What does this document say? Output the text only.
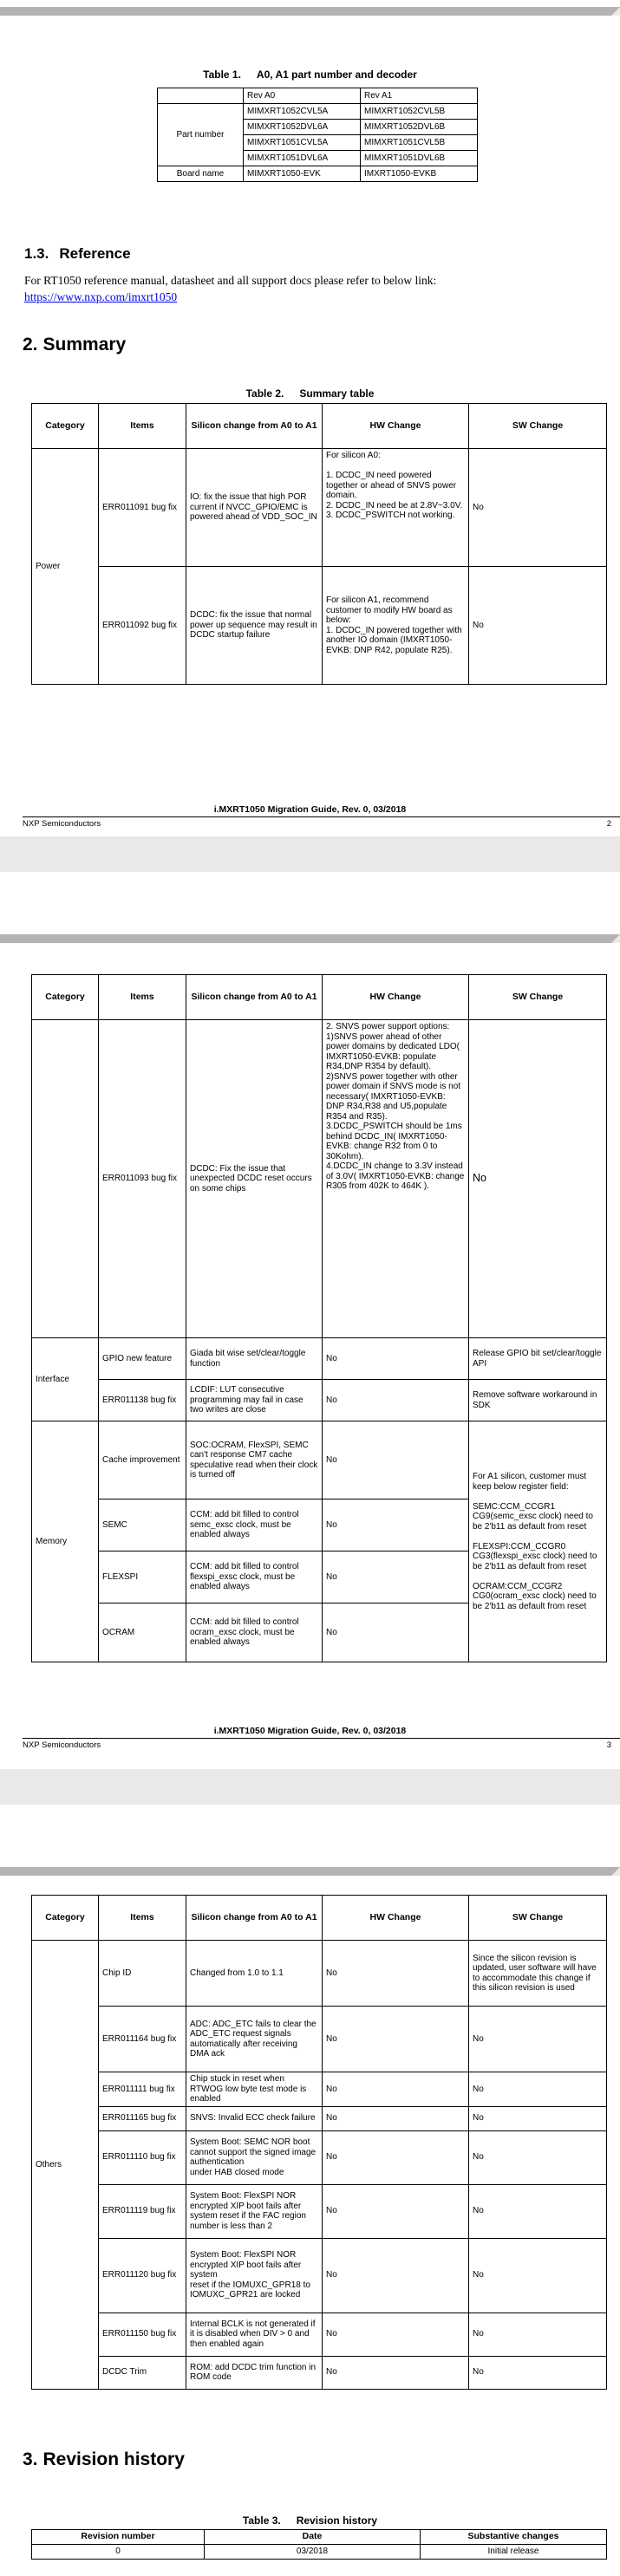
Table 1. A0, A1 part number and decoder
	Rev A0	Rev A1
Part number	MIMXRT1052CVL5A	MIMXRT1052CVL5B
	MIMXRT1052DVL6A	MIMXRT1052DVL6B
	MIMXRT1051CVL5A	MIMXRT1051CVL5B
	MIMXRT1051DVL6A	MIMXRT1051DVL6B
Board name	MIMXRT1050-EVK	IMXRT1050-EVKB
1.3. Reference
For RT1050 reference manual, datasheet and all support docs please refer to below link:
https://www.nxp.com/imxrt1050
2. Summary
Table 2. Summary table
Category	Items	Silicon change from A0 to A1	HW Change	SW Change
Power	ERR011091 bug fix	IO: fix the issue that high POR current if NVCC_GPIO/EMC is powered ahead of VDD_SOC_IN	For silicon A0:

1. DCDC_IN need powered together or ahead of SNVS power domain.
2. DCDC_IN need be at 2.8V~3.0V.
3. DCDC_PSWITCH not working.	No
	ERR011092 bug fix	DCDC: fix the issue that normal power up sequence may result in DCDC startup failure	For silicon A1, recommend customer to modify HW board as below:
1. DCDC_IN powered together with another IO domain (IMXRT1050-EVKB: DNP R42, populate R25).	No
i.MXRT1050 Migration Guide, Rev. 0, 03/2018
NXP Semiconductors	2
Category	Items	Silicon change from A0 to A1	HW Change	SW Change
	ERR011093 bug fix	DCDC: Fix the issue that unexpected DCDC reset occurs
on some chips	2. SNVS power support options:
1)SNVS power ahead of other power domains by dedicated LDO( IMXRT1050-EVKB: populate R34,DNP R354 by default).
2)SNVS power together with other power domain if SNVS mode is not necessary( IMXRT1050-EVKB: DNP R34,R38 and U5,populate R354 and R35).
3.DCDC_PSWITCH should be 1ms behind DCDC_IN( IMXRT1050-EVKB: change R32 from 0 to 30Kohm).
4.DCDC_IN change to 3.3V instead of 3.0V( IMXRT1050-EVKB: change R305 from 402K to 464K ).	No
Interface	GPIO new feature	Giada bit wise set/clear/toggle function	No	Release GPIO bit set/clear/toggle API
	ERR011138 bug fix	LCDIF: LUT consecutive programming may fail in case two writes are close	No	Remove software workaround in SDK
Memory	Cache improvement	SOC:OCRAM, FlexSPI, SEMC can't response CM7 cache speculative read when their clock is turned off	No	For A1 silicon, customer must keep below register field:

SEMC:CCM_CCGR1 CG9(semc_exsc clock) need to be 2'b11 as default from reset

FLEXSPI:CCM_CCGR0 CG3(flexspi_exsc clock) need to be 2'b11 as default from reset

OCRAM:CCM_CCGR2 CG0(ocram_exsc clock) need to be 2'b11 as default from reset
	SEMC	CCM: add bit filled to control semc_exsc clock, must be enabled always	No	
	FLEXSPI	CCM: add bit filled to control flexspi_exsc clock, must be enabled always	No	
	OCRAM	CCM: add bit filled to control ocram_exsc clock, must be enabled always	No	
i.MXRT1050 Migration Guide, Rev. 0, 03/2018
NXP Semiconductors	3
Category	Items	Silicon change from A0 to A1	HW Change	SW Change
Others	Chip ID	Changed from 1.0 to 1.1	No	Since the silicon revision is updated, user software will have to accommodate this change if this silicon revision is used
	ERR011164 bug fix	ADC: ADC_ETC fails to clear the ADC_ETC request signals automatically after receiving DMA ack	No	No
	ERR011111 bug fix	Chip stuck in reset when RTWOG low byte test mode is enabled	No	No
	ERR011165 bug fix	SNVS: Invalid ECC check failure	No	No
	ERR011110 bug fix	System Boot: SEMC NOR boot cannot support the signed image authentication
under HAB closed mode	No	No
	ERR011119 bug fix	System Boot: FlexSPI NOR encrypted XIP boot fails after system reset if the FAC region number is less than 2	No	No
	ERR011120 bug fix	System Boot: FlexSPI NOR encrypted XIP boot fails after system
reset if the IOMUXC_GPR18 to IOMUXC_GPR21 are locked	No	No
	ERR011150 bug fix	Internal BCLK is not generated if it is disabled when DIV > 0 and then enabled again	No	No
	DCDC Trim	ROM: add DCDC trim function in ROM code	No	No
3. Revision history
Table 3. Revision history
Revision number	Date	Substantive changes
0	03/2018	Initial release
